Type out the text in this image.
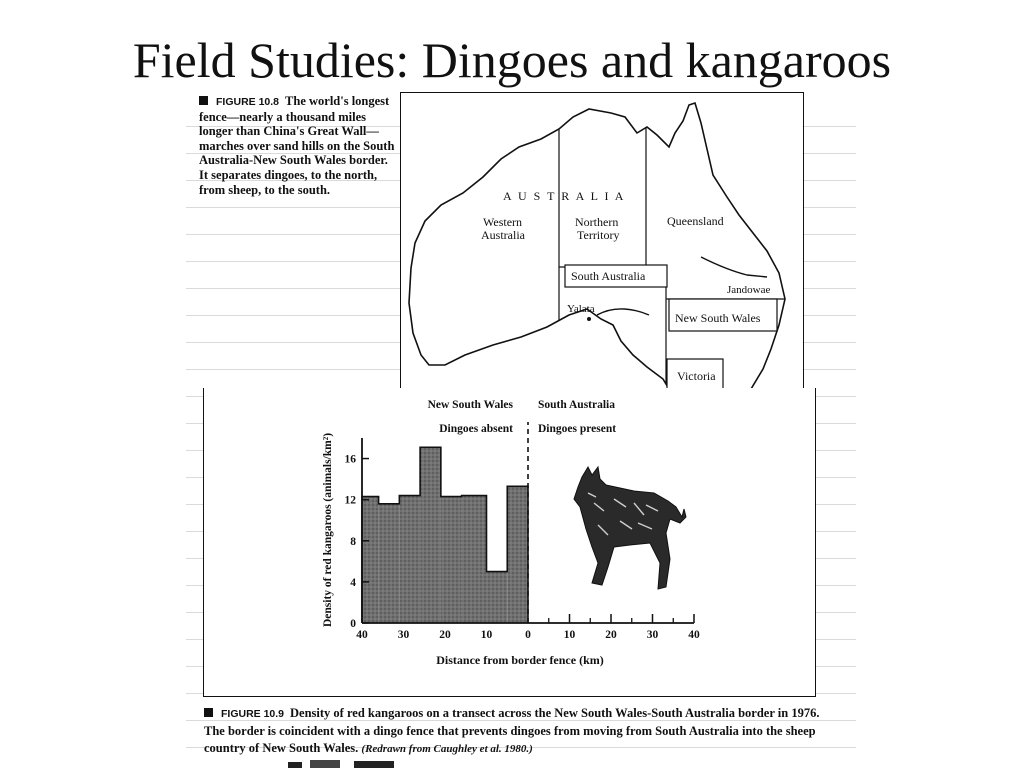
Field Studies: Dingoes and kangaroos
FIGURE 10.8 The world's longest fence—nearly a thousand miles longer than China's Great Wall—marches over sand hills on the South Australia-New South Wales border. It separates dingoes, to the north, from sheep, to the south.	A U S T R A L I A
Western
Australia
Northern
Territory
Queensland
South Australia
Yalata
Jandowae
New South Wales
Victoria
0
4
8
12
16
40	30	20	10	0	10	20	30	40
New South Wales
Dingoes absent
South Australia
Dingoes present
Distance from border fence (km)
Density of red kangaroos (animals/km²)
FIGURE 10.9 Density of red kangaroos on a transect across the New South Wales-South Australia border in 1976. The border is coincident with a dingo fence that prevents dingoes from moving from South Australia into the sheep country of New South Wales. (Redrawn from Caughley et al. 1980.)
